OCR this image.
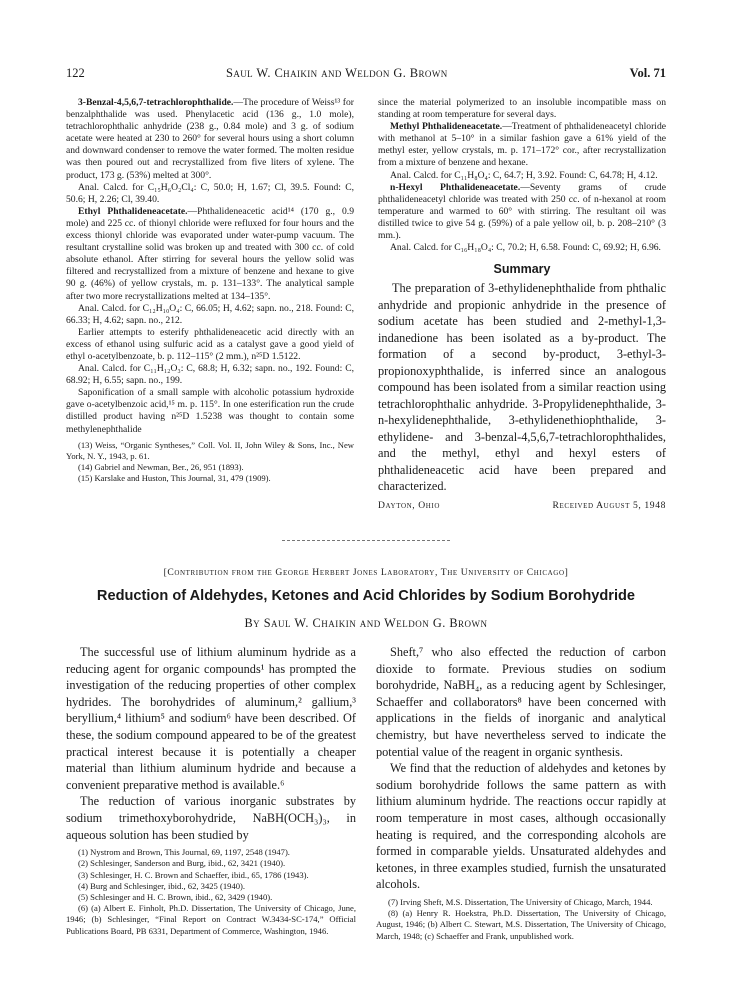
122	Saul W. Chaikin and Weldon G. Brown	Vol. 71

3-Benzal-4,5,6,7-tetrachlorophthalide.—The procedure of Weiss¹³ for benzalphthalide was used. Phenylacetic acid (136 g., 1.0 mole), tetrachlorophthalic anhydride (238 g., 0.84 mole) and 3 g. of sodium acetate were heated at 230 to 260° for several hours using a short column and downward condenser to remove the water formed. The molten residue was then poured out and recrystallized from five liters of xylene. The product, 173 g. (53%) melted at 300°.

Anal. Calcd. for C₁₅H₆O₂Cl₄: C, 50.0; H, 1.67; Cl, 39.5. Found: C, 50.6; H, 2.26; Cl, 39.40.

Ethyl Phthalideneacetate.—Phthalideneacetic acid¹⁴ (170 g., 0.9 mole) and 225 cc. of thionyl chloride were refluxed for four hours and the excess thionyl chloride was evaporated under water-pump vacuum. The resultant crystalline solid was broken up and treated with 300 cc. of cold absolute ethanol. After stirring for several hours the yellow solid was filtered and recrystallized from a mixture of benzene and hexane to give 90 g. (46%) of yellow crystals, m. p. 131–133°. The analytical sample after two more recrystallizations melted at 134–135°.

Anal. Calcd. for C₁₂H₁₀O₄: C, 66.05; H, 4.62; sapn. no., 218. Found: C, 66.33; H, 4.62; sapn. no., 212.

Earlier attempts to esterify phthalideneacetic acid directly with an excess of ethanol using sulfuric acid as a catalyst gave a good yield of ethyl o-acetylbenzoate, b. p. 112–115° (2 mm.), n²⁵D 1.5122.

Anal. Calcd. for C₁₁H₁₂O₃: C, 68.8; H, 6.32; sapn. no., 192. Found: C, 68.92; H, 6.55; sapn. no., 199.

Saponification of a small sample with alcoholic potassium hydroxide gave o-acetylbenzoic acid,¹⁵ m. p. 115°. In one esterification run the crude distilled product having n²⁵D 1.5238 was thought to contain some methylenephthalide

(13) Weiss, “Organic Syntheses,” Coll. Vol. II, John Wiley & Sons, Inc., New York, N. Y., 1943, p. 61.
(14) Gabriel and Newman, Ber., 26, 951 (1893).
(15) Karslake and Huston, This Journal, 31, 479 (1909).

since the material polymerized to an insoluble incompatible mass on standing at room temperature for several days.

Methyl Phthalideneacetate.—Treatment of phthalideneacetyl chloride with methanol at 5–10° in a similar fashion gave a 61% yield of the methyl ester, yellow crystals, m. p. 171–172° cor., after recrystallization from a mixture of benzene and hexane.

Anal. Calcd. for C₁₁H₈O₄: C, 64.7; H, 3.92. Found: C, 64.78; H, 4.12.

n-Hexyl Phthalideneacetate.—Seventy grams of crude phthalideneacetyl chloride was treated with 250 cc. of n-hexanol at room temperature and warmed to 60° with stirring. The resultant oil was distilled twice to give 54 g. (59%) of a pale yellow oil, b. p. 208–210° (3 mm.).

Anal. Calcd. for C₁₆H₁₈O₄: C, 70.2; H, 6.58. Found: C, 69.92; H, 6.96.

Summary
The preparation of 3-ethylidenephthalide from phthalic anhydride and propionic anhydride in the presence of sodium acetate has been studied and 2-methyl-1,3-indanedione has been isolated as a by-product. The formation of a second by-product, 3-ethyl-3-propionoxyphthalide, is inferred since an analogous compound has been isolated from a similar reaction using tetrachlorophthalic anhydride. 3-Propylidenephthalide, 3-n-hexylidenephthalide, 3-ethylidenethiophthalide, 3-ethylidene- and 3-benzal-4,5,6,7-tetrachlorophthalides, and the methyl, ethyl and hexyl esters of phthalideneacetic acid have been prepared and characterized.
Dayton, Ohio	Received August 5, 1948
[Contribution from the George Herbert Jones Laboratory, The University of Chicago]
Reduction of Aldehydes, Ketones and Acid Chlorides by Sodium Borohydride
By Saul W. Chaikin and Weldon G. Brown

The successful use of lithium aluminum hydride as a reducing agent for organic compounds¹ has prompted the investigation of the reducing properties of other complex hydrides. The borohydrides of aluminum,² gallium,³ beryllium,⁴ lithium⁵ and sodium⁶ have been described. Of these, the sodium compound appeared to be of the greatest practical interest because it is potentially a cheaper material than lithium aluminum hydride and because a convenient preparative method is available.⁶

The reduction of various inorganic substrates by sodium trimethoxyborohydride, NaBH(OCH₃)₃, in aqueous solution has been studied by

(1) Nystrom and Brown, This Journal, 69, 1197, 2548 (1947).
(2) Schlesinger, Sanderson and Burg, ibid., 62, 3421 (1940).
(3) Schlesinger, H. C. Brown and Schaeffer, ibid., 65, 1786 (1943).
(4) Burg and Schlesinger, ibid., 62, 3425 (1940).
(5) Schlesinger and H. C. Brown, ibid., 62, 3429 (1940).
(6) (a) Albert E. Finholt, Ph.D. Dissertation, The University of Chicago, June, 1946; (b) Schlesinger, “Final Report on Contract W.3434-SC-174,” Official Publications Board, PB 6331, Department of Commerce, Washington, 1946.

Sheft,⁷ who also effected the reduction of carbon dioxide to formate. Previous studies on sodium borohydride, NaBH₄, as a reducing agent by Schlesinger, Schaeffer and collaborators⁸ have been concerned with applications in the fields of inorganic and analytical chemistry, but have nevertheless served to indicate the potential value of the reagent in organic synthesis.

We find that the reduction of aldehydes and ketones by sodium borohydride follows the same pattern as with lithium aluminum hydride. The reactions occur rapidly at room temperature in most cases, although occasionally heating is required, and the corresponding alcohols are formed in comparable yields. Unsaturated aldehydes and ketones, in three examples studied, furnish the unsaturated alcohols.

(7) Irving Sheft, M.S. Dissertation, The University of Chicago, March, 1944.
(8) (a) Henry R. Hoekstra, Ph.D. Dissertation, The University of Chicago, August, 1946; (b) Albert C. Stewart, M.S. Dissertation, The University of Chicago, March, 1948; (c) Schaeffer and Frank, unpublished work.
